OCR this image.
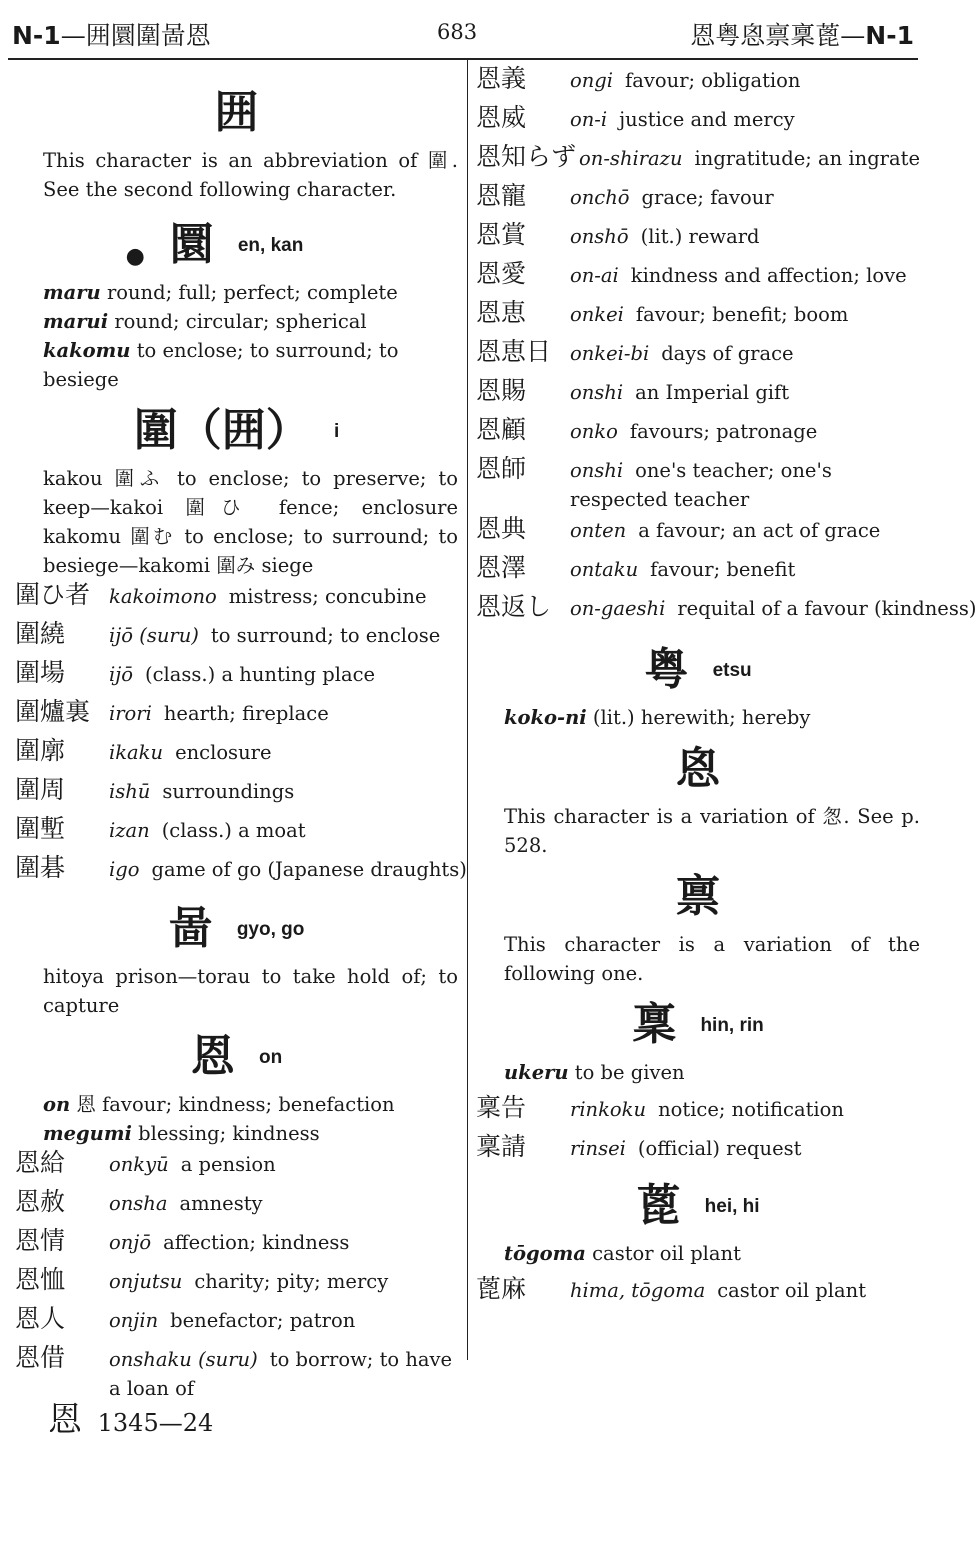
N-1—囲圜圍啚恩	683	恩粤恖禀稟蓖—N-1
囲
This character is an abbreviation of 圍. See the second following character.
● 圜 en, kan
maru round; full; perfect; complete
marui round; circular; spherical
kakomu to enclose; to surround; to besiege
圍（囲） i
kakou 圍ふ to enclose; to preserve; to keep—kakoi 圍ひ fence; enclosure kakomu 圍む to enclose; to surround; to besiege—kakomi 圍み siege
圍ひ者 kakoimono mistress; concubine
圍繞	ijō (suru) to surround; to enclose
圍場	ijō (class.) a hunting place
圍爐裏 irori hearth; fireplace
圍廓	ikaku enclosure
圍周	ishū surroundings
圍塹	izan (class.) a moat
圍碁	igo game of go (Japanese draughts)
啚 gyo, go
hitoya prison—torau to take hold of; to capture
恩 on
on 恩 favour; kindness; benefaction
megumi blessing; kindness
恩給	onkyū a pension
恩赦	onsha amnesty
恩情	onjō affection; kindness
恩恤	onjutsu charity; pity; mercy
恩人	onjin benefactor; patron
恩借	onshaku (suru) to borrow; to have a loan of
恩義	ongi favour; obligation
恩威	on-i justice and mercy
恩知らず on-shirazu ingratitude; an ingrate
恩寵	onchō grace; favour
恩賞	onshō (lit.) reward
恩愛	on-ai kindness and affection; love
恩恵	onkei favour; benefit; boom
恩恵日 onkei-bi days of grace
恩賜	onshi an Imperial gift
恩顧	onko favours; patronage
恩師	onshi one's teacher; one's respected teacher
恩典	onten a favour; an act of grace
恩澤	ontaku favour; benefit
恩返し on-gaeshi requital of a favour (kindness)
粤 etsu
koko-ni (lit.) herewith; hereby
恖
This character is a variation of 怱. See p. 528.
禀
This character is a variation of the following one.
稟 hin, rin
ukeru to be given
稟告	rinkoku notice; notification
稟請	rinsei (official) request
蓖 hei, hi
tōgoma castor oil plant
蓖麻	hima, tōgoma castor oil plant
恩 1345—24
